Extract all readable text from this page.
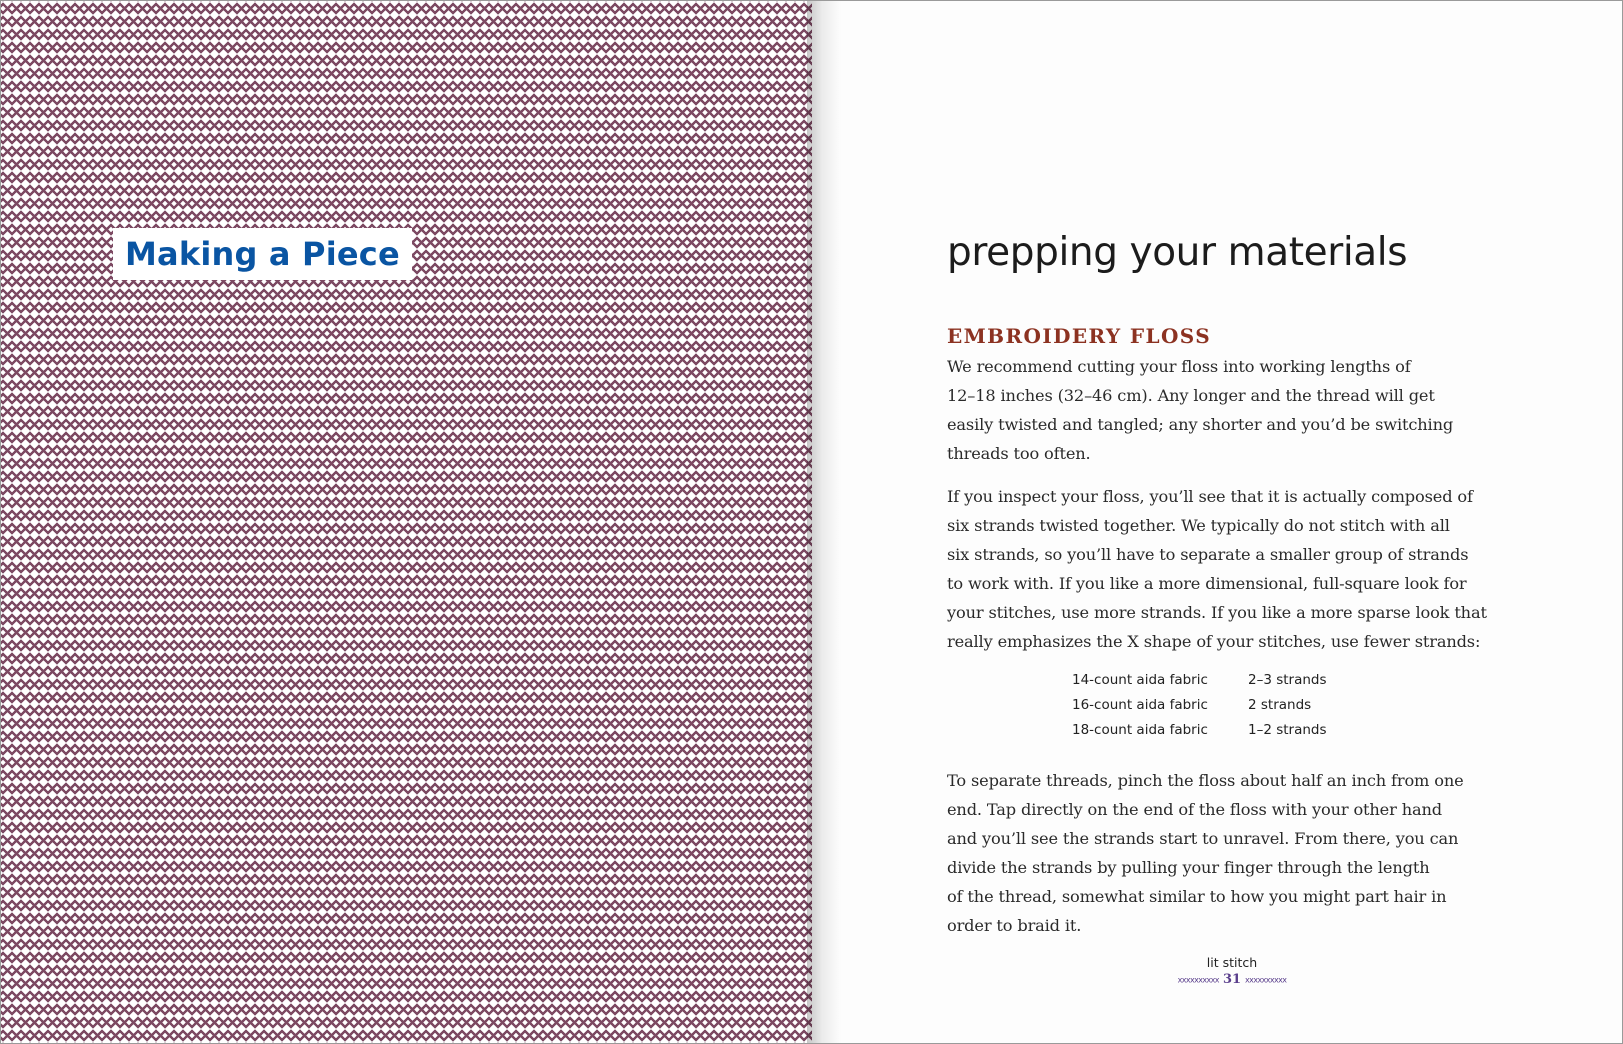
Making a Piece	prepping your materials
EMBROIDERY FLOSS

We recommend cutting your floss into working lengths of
12–18 inches (32–46 cm). Any longer and the thread will get
easily twisted and tangled; any shorter and you’d be switching
threads too often.

If you inspect your floss, you’ll see that it is actually composed of
six strands twisted together. We typically do not stitch with all
six strands, so you’ll have to separate a smaller group of strands
to work with. If you like a more dimensional, full-square look for
your stitches, use more strands. If you like a more sparse look that
really emphasizes the X shape of your stitches, use fewer strands:

14-count aida fabric	2–3 strands
16-count aida fabric	2 strands
18-count aida fabric	1–2 strands

To separate threads, pinch the floss about half an inch from one
end. Tap directly on the end of the floss with your other hand
and you’ll see the strands start to unravel. From there, you can
divide the strands by pulling your finger through the length
of the thread, somewhat similar to how you might part hair in
order to braid it.

lit stitch
xxxxxxxxxx 31 xxxxxxxxxx
